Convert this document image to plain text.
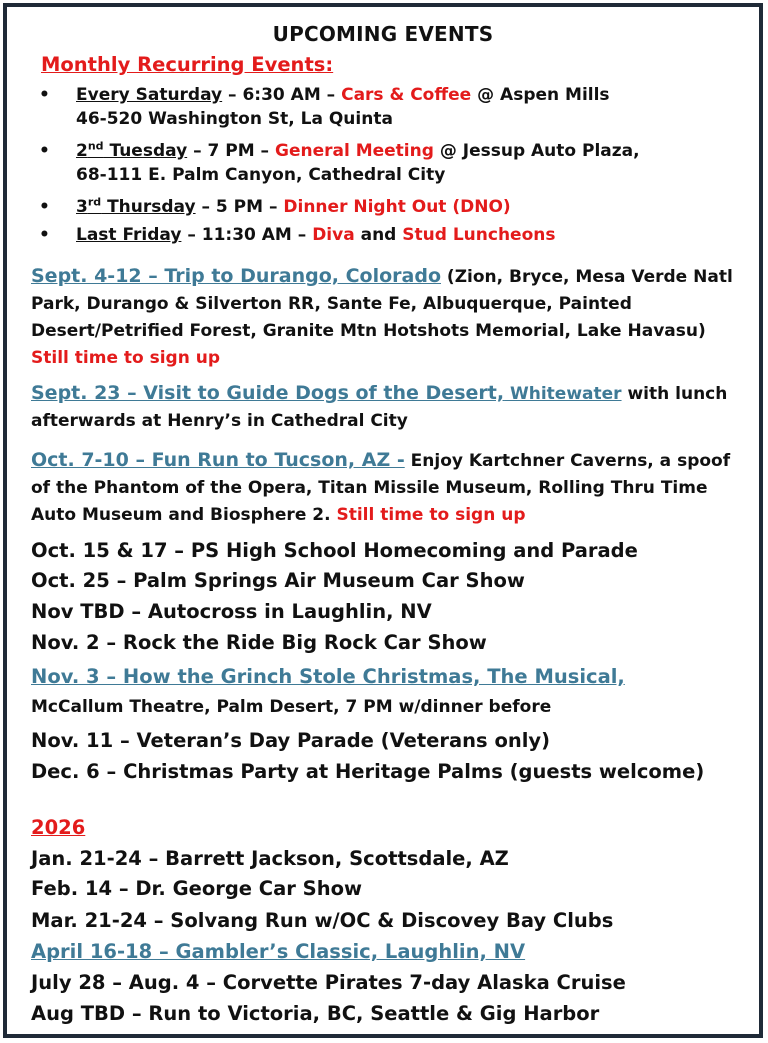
UPCOMING EVENTS
Monthly Recurring Events:
• Every Saturday – 6:30 AM – Cars & Coffee @ Aspen Mills
46-520 Washington St, La Quinta
• 2nd Tuesday – 7 PM – General Meeting @ Jessup Auto Plaza,
68-111 E. Palm Canyon, Cathedral City
• 3rd Thursday – 5 PM – Dinner Night Out (DNO)
• Last Friday – 11:30 AM – Diva and Stud Luncheons
Sept. 4-12 – Trip to Durango, Colorado (Zion, Bryce, Mesa Verde Natl Park, Durango & Silverton RR, Sante Fe, Albuquerque, Painted Desert/Petrified Forest, Granite Mtn Hotshots Memorial, Lake Havasu) Still time to sign up
Sept. 23 – Visit to Guide Dogs of the Desert, Whitewater with lunch afterwards at Henry’s in Cathedral City
Oct. 7-10 – Fun Run to Tucson, AZ - Enjoy Kartchner Caverns, a spoof of the Phantom of the Opera, Titan Missile Museum, Rolling Thru Time Auto Museum and Biosphere 2. Still time to sign up
Oct. 15 & 17 – PS High School Homecoming and Parade
Oct. 25 – Palm Springs Air Museum Car Show
Nov TBD – Autocross in Laughlin, NV
Nov. 2 – Rock the Ride Big Rock Car Show
Nov. 3 – How the Grinch Stole Christmas, The Musical,
McCallum Theatre, Palm Desert, 7 PM w/dinner before
Nov. 11 – Veteran’s Day Parade (Veterans only)
Dec. 6 – Christmas Party at Heritage Palms (guests welcome)
2026
Jan. 21-24 – Barrett Jackson, Scottsdale, AZ
Feb. 14 – Dr. George Car Show
Mar. 21-24 – Solvang Run w/OC & Discovey Bay Clubs
April 16-18 – Gambler’s Classic, Laughlin, NV
July 28 – Aug. 4 – Corvette Pirates 7-day Alaska Cruise
Aug TBD – Run to Victoria, BC, Seattle & Gig Harbor
